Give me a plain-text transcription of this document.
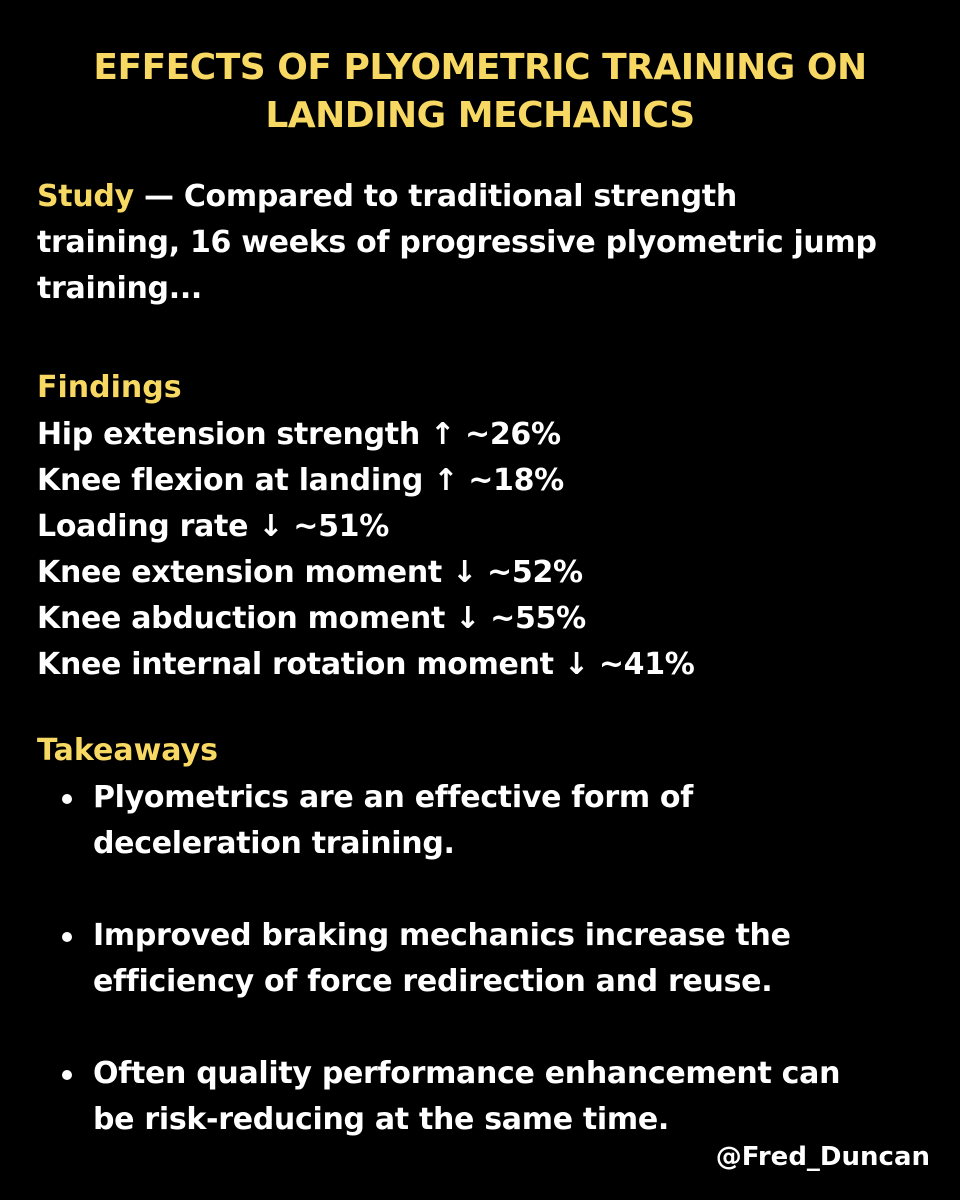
EFFECTS OF PLYOMETRIC TRAINING ON
LANDING MECHANICS

Study — Compared to traditional strength
training, 16 weeks of progressive plyometric jump
training...

Findings
Hip extension strength ↑ ~26%
Knee flexion at landing ↑ ~18%
Loading rate ↓ ~51%
Knee extension moment ↓ ~52%
Knee abduction moment ↓ ~55%
Knee internal rotation moment ↓ ~41%
Takeaways
Plyometrics are an effective form of
deceleration training.
Improved braking mechanics increase the
efficiency of force redirection and reuse.
Often quality performance enhancement can
be risk-reducing at the same time.
@Fred_Duncan
